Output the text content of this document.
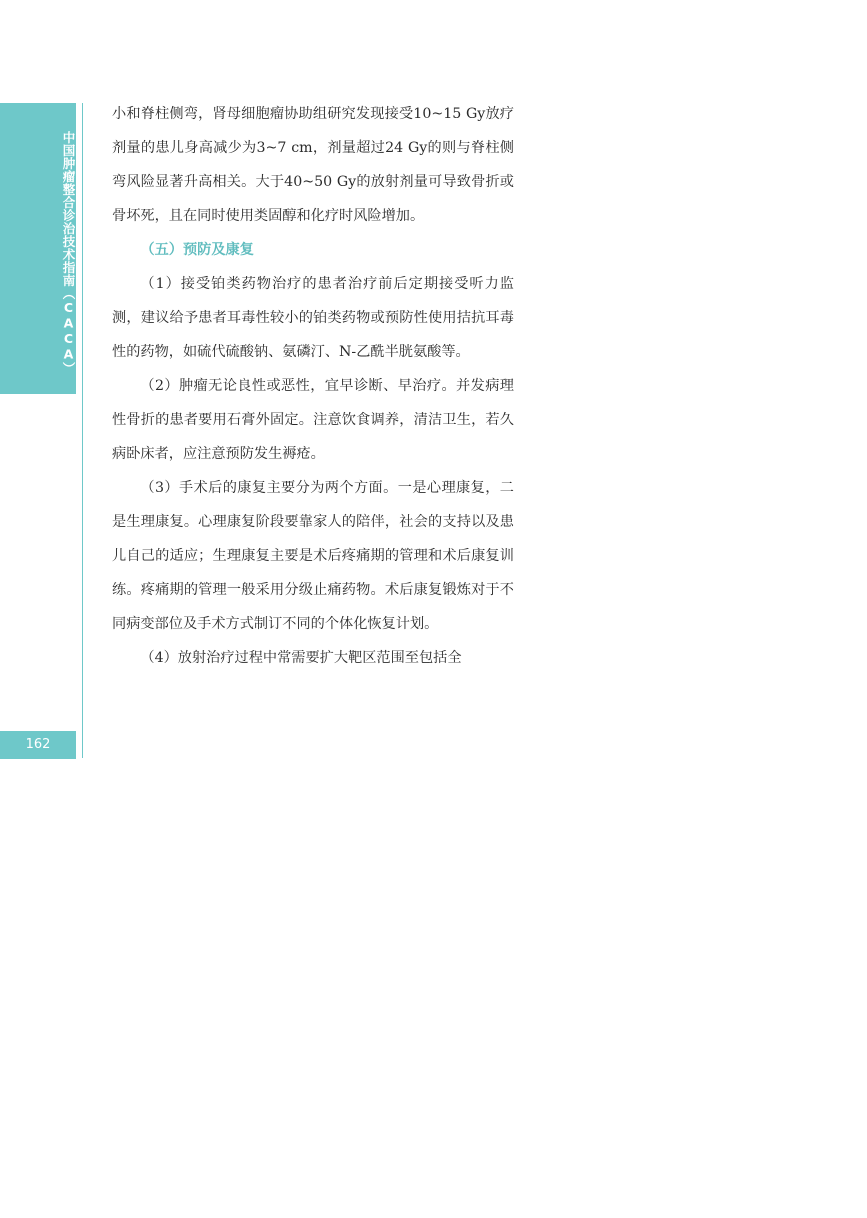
中国肿瘤整合诊治技术指南（CACA）
162

小和脊柱侧弯，肾母细胞瘤协助组研究发现接受10~15 Gy放疗剂量的患儿身高减少为3~7 cm，剂量超过24 Gy的则与脊柱侧弯风险显著升高相关。大于40~50 Gy的放射剂量可导致骨折或骨坏死，且在同时使用类固醇和化疗时风险增加。

（五）预防及康复

（1）接受铂类药物治疗的患者治疗前后定期接受听力监测，建议给予患者耳毒性较小的铂类药物或预防性使用拮抗耳毒性的药物，如硫代硫酸钠、氨磷汀、N-乙酰半胱氨酸等。

（2）肿瘤无论良性或恶性，宜早诊断、早治疗。并发病理性骨折的患者要用石膏外固定。注意饮食调养，清洁卫生，若久病卧床者，应注意预防发生褥疮。

（3）手术后的康复主要分为两个方面。一是心理康复，二是生理康复。心理康复阶段要靠家人的陪伴，社会的支持以及患儿自己的适应；生理康复主要是术后疼痛期的管理和术后康复训练。疼痛期的管理一般采用分级止痛药物。术后康复锻炼对于不同病变部位及手术方式制订不同的个体化恢复计划。

（4）放射治疗过程中常需要扩大靶区范围至包括全
